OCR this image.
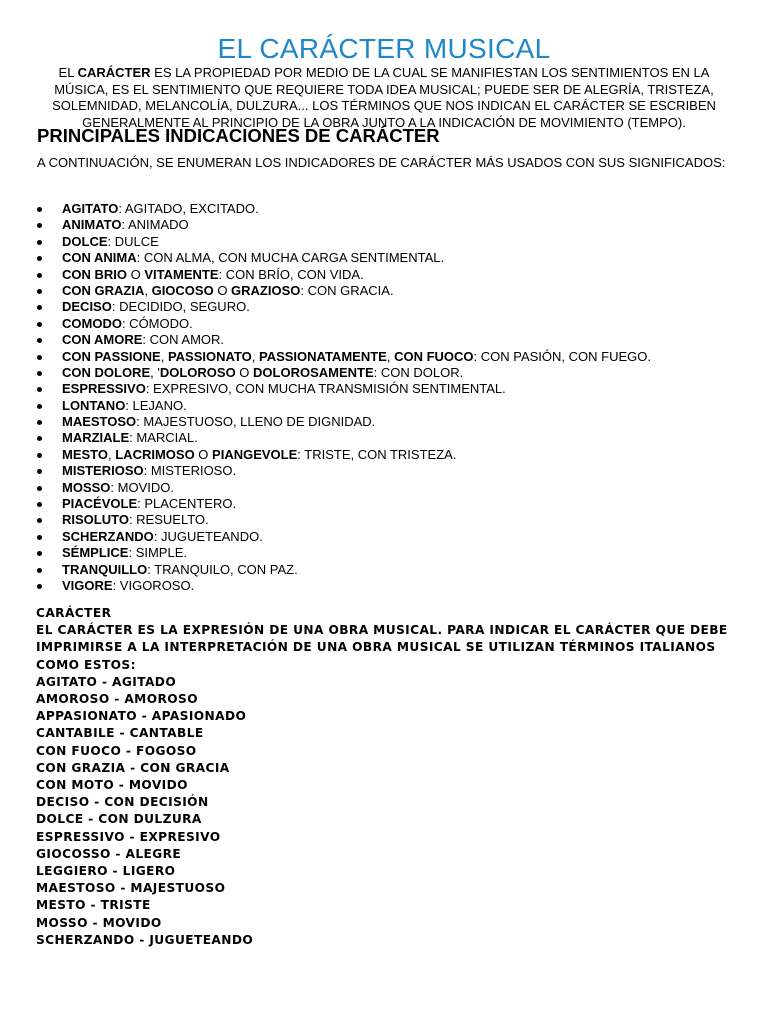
EL CARÁCTER MUSICAL

EL CARÁCTER ES LA PROPIEDAD POR MEDIO DE LA CUAL SE MANIFIESTAN LOS SENTIMIENTOS EN LA MÚSICA, ES EL SENTIMIENTO QUE REQUIERE TODA IDEA MUSICAL; PUEDE SER DE ALEGRÍA, TRISTEZA, SOLEMNIDAD, MELANCOLÍA, DULZURA... LOS TÉRMINOS QUE NOS INDICAN EL CARÁCTER SE ESCRIBEN GENERALMENTE AL PRINCIPIO DE LA OBRA JUNTO A LA INDICACIÓN DE MOVIMIENTO (TEMPO).

PRINCIPALES INDICACIONES DE CARÁCTER

A CONTINUACIÓN, SE ENUMERAN LOS INDICADORES DE CARÁCTER MÁS USADOS CON SUS SIGNIFICADOS:

AGITATO: AGITADO, EXCITADO.
ANIMATO: ANIMADO
DOLCE: DULCE
CON ANIMA: CON ALMA, CON MUCHA CARGA SENTIMENTAL.
CON BRIO O VITAMENTE: CON BRÍO, CON VIDA.
CON GRAZIA, GIOCOSO O GRAZIOSO: CON GRACIA.
DECISO: DECIDIDO, SEGURO.
COMODO: CÓMODO.
CON AMORE: CON AMOR.
CON PASSIONE, PASSIONATO, PASSIONATAMENTE, CON FUOCO: CON PASIÓN, CON FUEGO.
CON DOLORE, 'DOLOROSO O DOLOROSAMENTE: CON DOLOR.
ESPRESSIVO: EXPRESIVO, CON MUCHA TRANSMISIÓN SENTIMENTAL.
LONTANO: LEJANO.
MAESTOSO: MAJESTUOSO, LLENO DE DIGNIDAD.
MARZIALE: MARCIAL.
MESTO, LACRIMOSO O PIANGEVOLE: TRISTE, CON TRISTEZA.
MISTERIOSO: MISTERIOSO.
MOSSO: MOVIDO.
PIACÉVOLE: PLACENTERO.
RISOLUTO: RESUELTO.
SCHERZANDO: JUGUETEANDO.
SÉMPLICE: SIMPLE.
TRANQUILLO: TRANQUILO, CON PAZ.
VIGORE: VIGOROSO.
CARÁCTER
EL CARÁCTER ES LA EXPRESIÓN DE UNA OBRA MUSICAL. PARA INDICAR EL CARÁCTER QUE DEBE IMPRIMIRSE A LA INTERPRETACIÓN DE UNA OBRA MUSICAL SE UTILIZAN TÉRMINOS ITALIANOS COMO ESTOS:
AGITATO - AGITADO
AMOROSO - AMOROSO
APPASIONATO - APASIONADO
CANTABILE - CANTABLE
CON FUOCO - FOGOSO
CON GRAZIA - CON GRACIA
CON MOTO - MOVIDO
DECISO - CON DECISIÓN
DOLCE - CON DULZURA
ESPRESSIVO - EXPRESIVO
GIOCOSSO - ALEGRE
LEGGIERO - LIGERO
MAESTOSO - MAJESTUOSO
MESTO - TRISTE
MOSSO - MOVIDO
SCHERZANDO - JUGUETEANDO
